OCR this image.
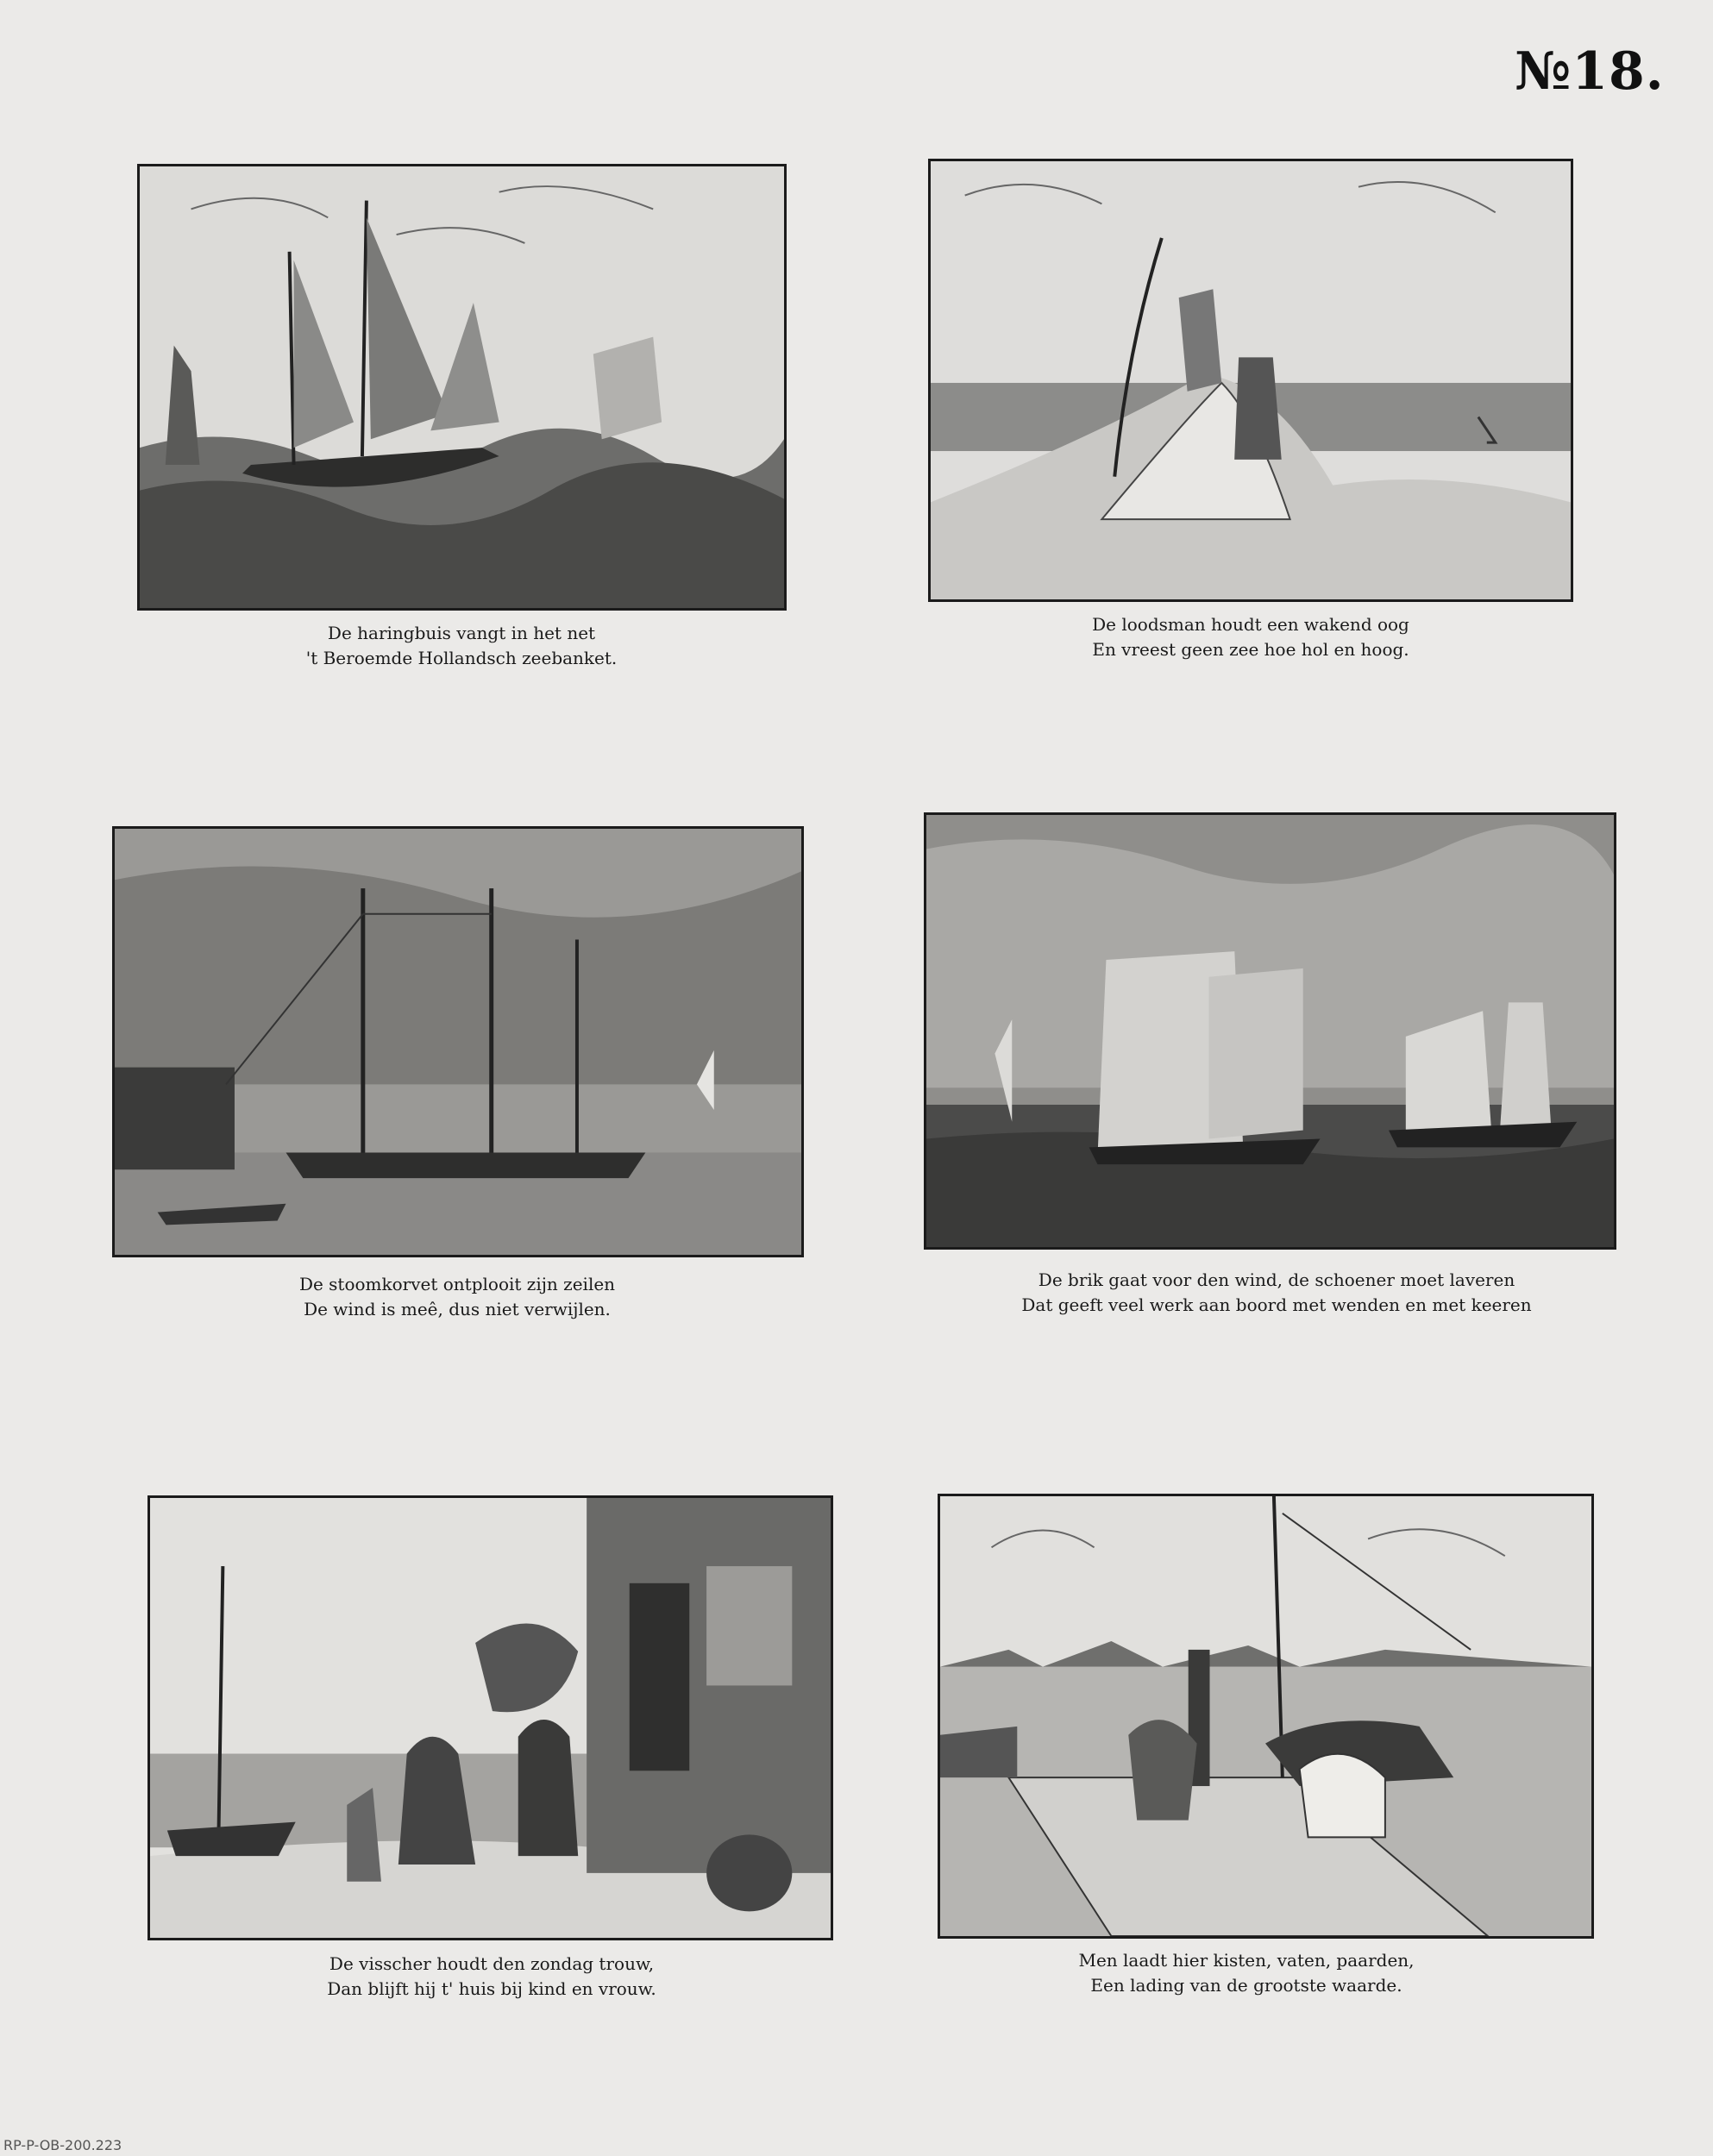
№18.
De haringbuis vangt in het net
't Beroemde Hollandsch zeebanket.
De loodsman houdt een wakend oog
En vreest geen zee hoe hol en hoog.
De stoomkorvet ontplooit zijn zeilen
De wind is meê, dus niet verwijlen.
De brik gaat voor den wind, de schoener moet laveren
Dat geeft veel werk aan boord met wenden en met keeren
De visscher houdt den zondag trouw,
Dan blijft hij t' huis bij kind en vrouw.
Men laadt hier kisten, vaten, paarden,
Een lading van de grootste waarde.
RP-P-OB-200.223
